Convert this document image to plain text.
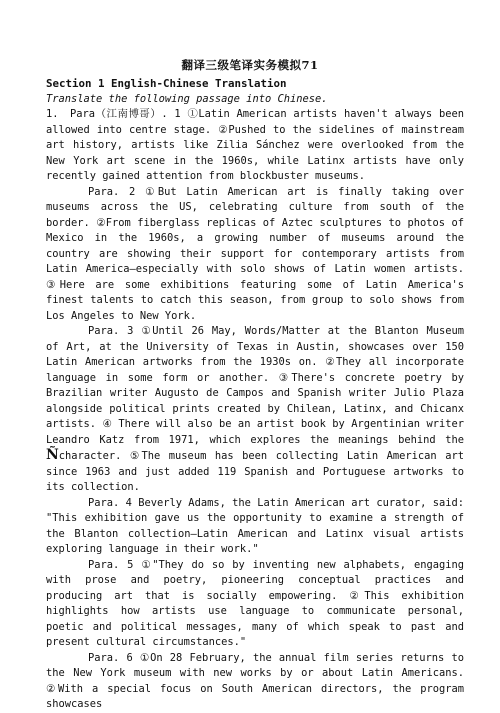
翻译三级笔译实务模拟71
Section 1 English-Chinese Translation
Translate the following passage into Chinese.

1. Para（江南博哥）. 1 ①Latin American artists haven't always been allowed into centre stage. ②Pushed to the sidelines of mainstream art history, artists like Zilia Sánchez were overlooked from the New York art scene in the 1960s, while Latinx artists have only recently gained attention from blockbuster museums.

Para. 2 ①But Latin American art is finally taking over museums across the US, celebrating culture from south of the border. ②From fiberglass replicas of Aztec sculptures to photos of Mexico in the 1960s, a growing number of museums around the country are showing their support for contemporary artists from Latin America—especially with solo shows of Latin women artists. ③Here are some exhibitions featuring some of Latin America's finest talents to catch this season, from group to solo shows from Los Angeles to New York.

Para. 3 ①Until 26 May, Words/Matter at the Blanton Museum of Art, at the University of Texas in Austin, showcases over 150 Latin American artworks from the 1930s on. ②They all incorporate language in some form or another. ③There's concrete poetry by Brazilian writer Augusto de Campos and Spanish writer Julio Plaza alongside political prints created by Chilean, Latinx, and Chicanx artists. ④ There will also be an artist book by Argentinian writer Leandro Katz from 1971, which explores the meanings behind the Ñcharacter. ⑤The museum has been collecting Latin American art since 1963 and just added 119 Spanish and Portuguese artworks to its collection.

Para. 4 Beverly Adams, the Latin American art curator, said: "This exhibition gave us the opportunity to examine a strength of the Blanton collection—Latin American and Latinx visual artists exploring language in their work."

Para. 5 ①"They do so by inventing new alphabets, engaging with prose and poetry, pioneering conceptual practices and producing art that is socially empowering. ②This exhibition highlights how artists use language to communicate personal, poetic and political messages, many of which speak to past and present cultural circumstances."

Para. 6 ①On 28 February, the annual film series returns to the New York museum with new works by or about Latin Americans. ②With a special focus on South American directors, the program showcases
